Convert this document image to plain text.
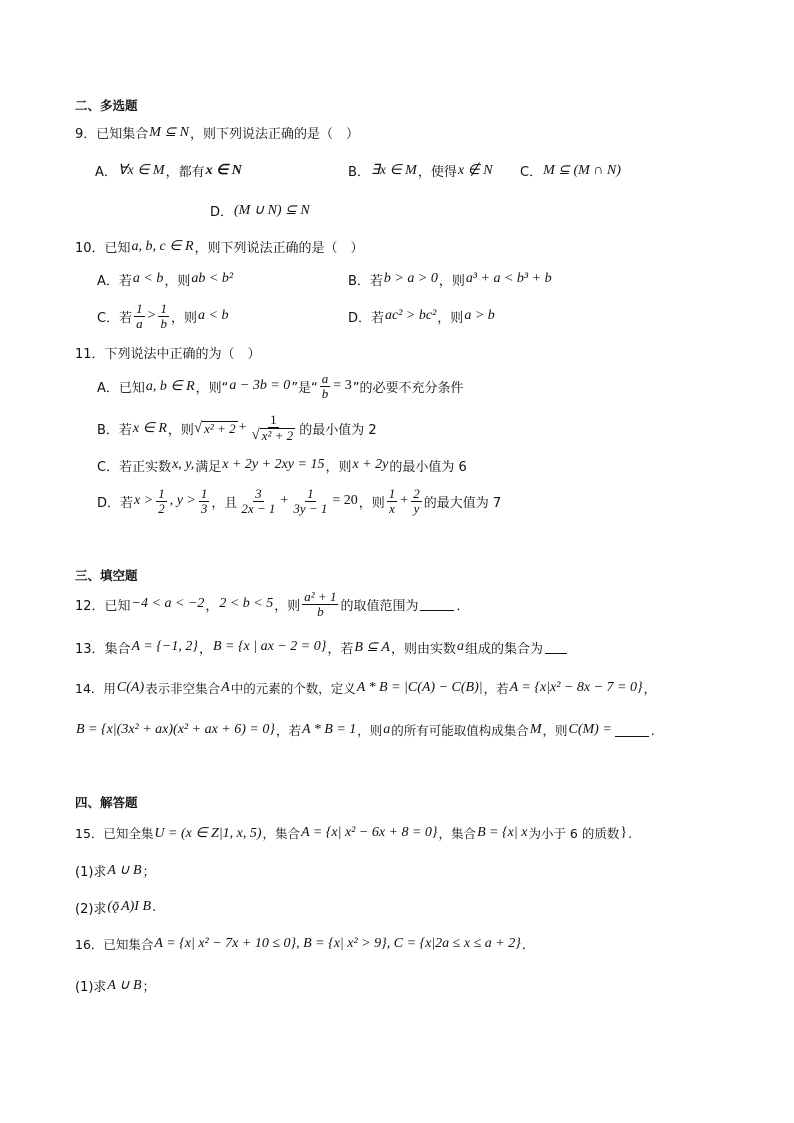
二、多选题
9．已知集合 M ⊆ N ，则下列说法正确的是（　）
A． ∀x ∈ M ，都有 x ∈ N	B． ∃x ∈ M ，使得 x ∉ N C． M ⊆ (M ∩ N)
D． (M ∪ N) ⊆ N
10．已知 a, b, c ∈ R ，则下列说法正确的是（　）
A．若 a < b ，则 ab < b²	B．若 b > a > 0 ，则 a³ + a < b³ + b
C．若 $\frac{1}{a} > \frac{1}{b}$ ，则 a < b	D．若 ac² > bc² ，则 a > b
11．下列说法中正确的为（　）
A．已知 a, b ∈ R ，则“ a − 3b = 0 ”是“ $\frac{a}{b} = 3$ ”的必要不充分条件
B．若 x ∈ R ，则 √ $x^2 + 2 + \frac{1}{\text{√ x² + 2}}$ 的最小值为 2
C．若正实数 x, y, 满足 x + 2y + 2xy = 15 ，则 x + 2y 的最小值为 6
D．若 $x > \frac{1}{2}$ , $y > \frac{1}{3}$ ，且 $\frac{3}{2x - 1} + \frac{1}{3y - 1} = 20$ ，则 $\frac{1}{x} + \frac{2}{y}$ 的最大值为 7
三、填空题
12．已知 −4 < a < −2 ， 2 < b < 5 ，则 $\frac{\text{a² + 1}}{b}$ 的取值范围为	．
13．集合 A = {−1, 2} ， B = {x | ax − 2 = 0} ，若 B ⊆ A ，则由实数 a 组成的集合为
14．用 C(A) 表示非空集合 A 中的元素的个数，定义 A * B = |C(A) − C(B)| ，若 A = {x|x² − 8x − 7 = 0} ，
B = {x|(3x² + ax)(x² + ax + 6) = 0} ，若 A * B = 1 ，则 a 的所有可能取值构成集合 M ，则 C(M) =	.
四、解答题
15．已知全集 U = (x ∈ Z|1, x, 5) ，集合 A = {x| x² − 6x + 8 = 0} ，集合 B = {x| x 为小于 6 的质数 } .
(1)求 A ∪ B ；
(2)求 (ǭ A)I B .
16．已知集合 A = {x| x² − 7x + 10 ≤ 0}, B = {x| x² > 9}, C = {x|2a ≤ x ≤ a + 2} ．
(1)求 A ∪ B ；
